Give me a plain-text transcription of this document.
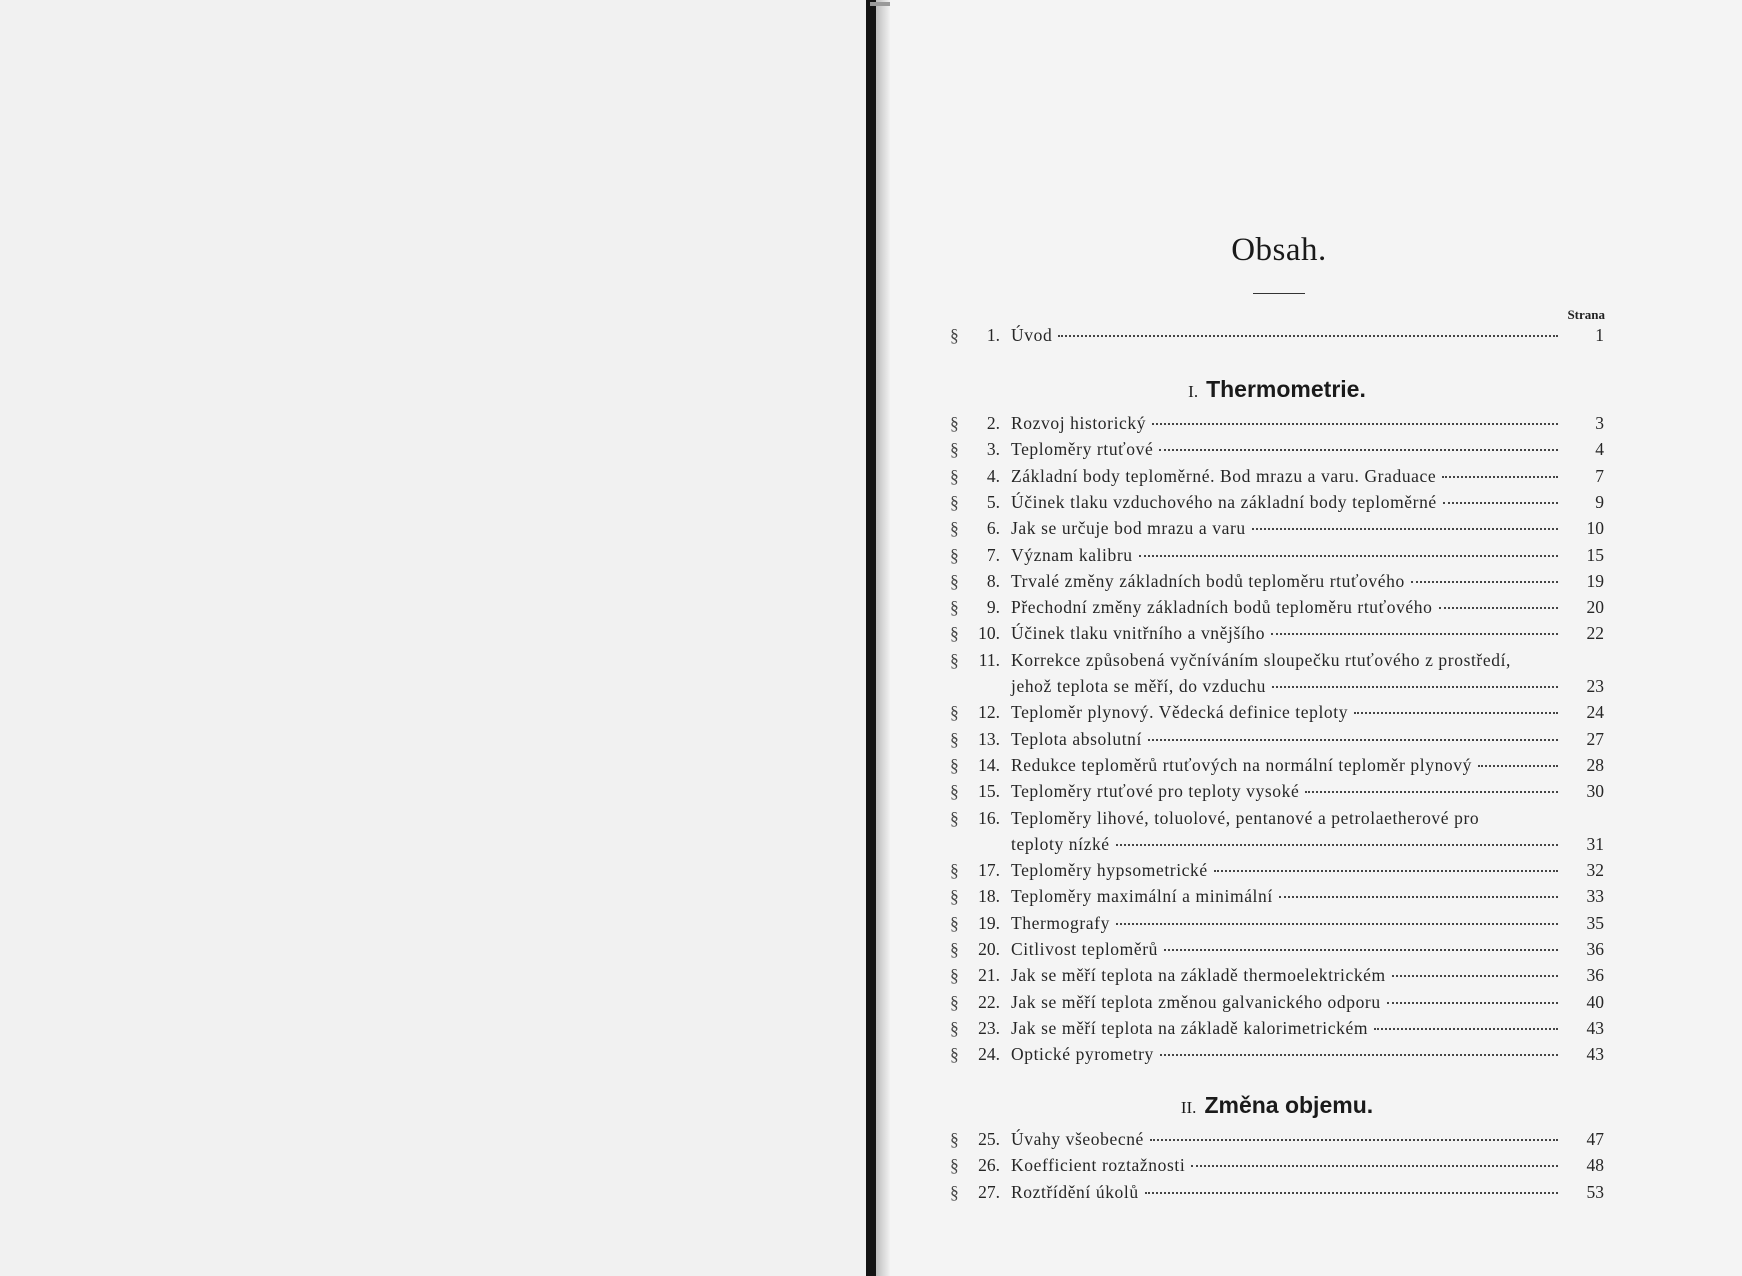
Obsah.
Strana
§	1. Úvod	1
I. Thermometrie.
§	2. Rozvoj historický	3
§	3. Teploměry rtuťové	4
§	4. Základní body teploměrné. Bod mrazu a varu. Graduace	7
§	5. Účinek tlaku vzduchového na základní body teploměrné	9
§	6. Jak se určuje bod mrazu a varu	10
§	7. Význam kalibru	15
§	8. Trvalé změny základních bodů teploměru rtuťového	19
§	9. Přechodní změny základních bodů teploměru rtuťového	20
§	10. Účinek tlaku vnitřního a vnějšího	22
§	11. Korrekce způsobená vyčníváním sloupečku rtuťového z prostředí,
jehož teplota se měří, do vzduchu	23
§	12. Teploměr plynový. Vědecká definice teploty	24
§	13. Teplota absolutní	27
§	14. Redukce teploměrů rtuťových na normální teploměr plynový	28
§	15. Teploměry rtuťové pro teploty vysoké	30
§	16. Teploměry lihové, toluolové, pentanové a petrolaetherové pro
teploty nízké	31
§	17. Teploměry hypsometrické	32
§	18. Teploměry maximální a minimální	33
§	19. Thermografy	35
§	20. Citlivost teploměrů	36
§	21. Jak se měří teplota na základě thermoelektrickém	36
§	22. Jak se měří teplota změnou galvanického odporu	40
§	23. Jak se měří teplota na základě kalorimetrickém	43
§	24. Optické pyrometry	43
II. Změna objemu.
§	25. Úvahy všeobecné	47
§	26. Koefficient roztažnosti	48
§	27. Roztřídění úkolů	53
